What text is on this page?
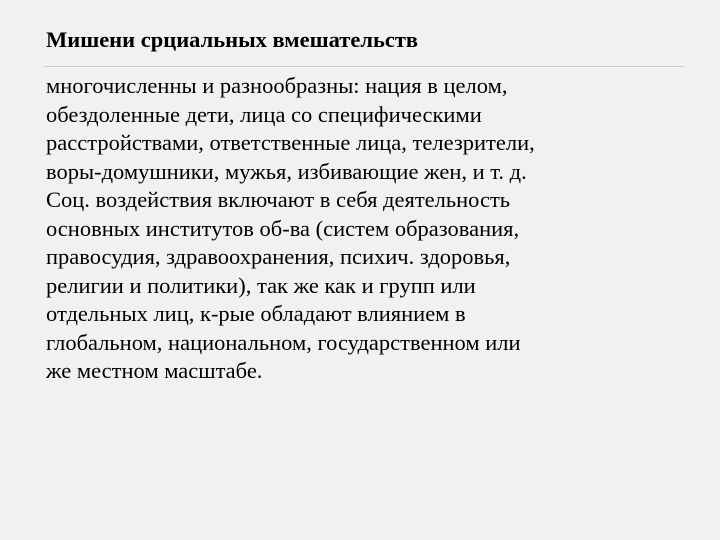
Мишени срциальных вмешательств

многочисленны и разнообразны: нация в целом,
обездоленные дети, лица со специфическими
расстройствами, ответственные лица, телезрители,
воры-домушники, мужья, избивающие жен, и т. д.

Соц. воздействия включают в себя деятельность
основных институтов об-ва (систем образования,
правосудия, здравоохранения, психич. здоровья,
религии и политики), так же как и групп или
отдельных лиц, к-рые обладают влиянием в
глобальном, национальном, государственном или
же местном масштабе.
